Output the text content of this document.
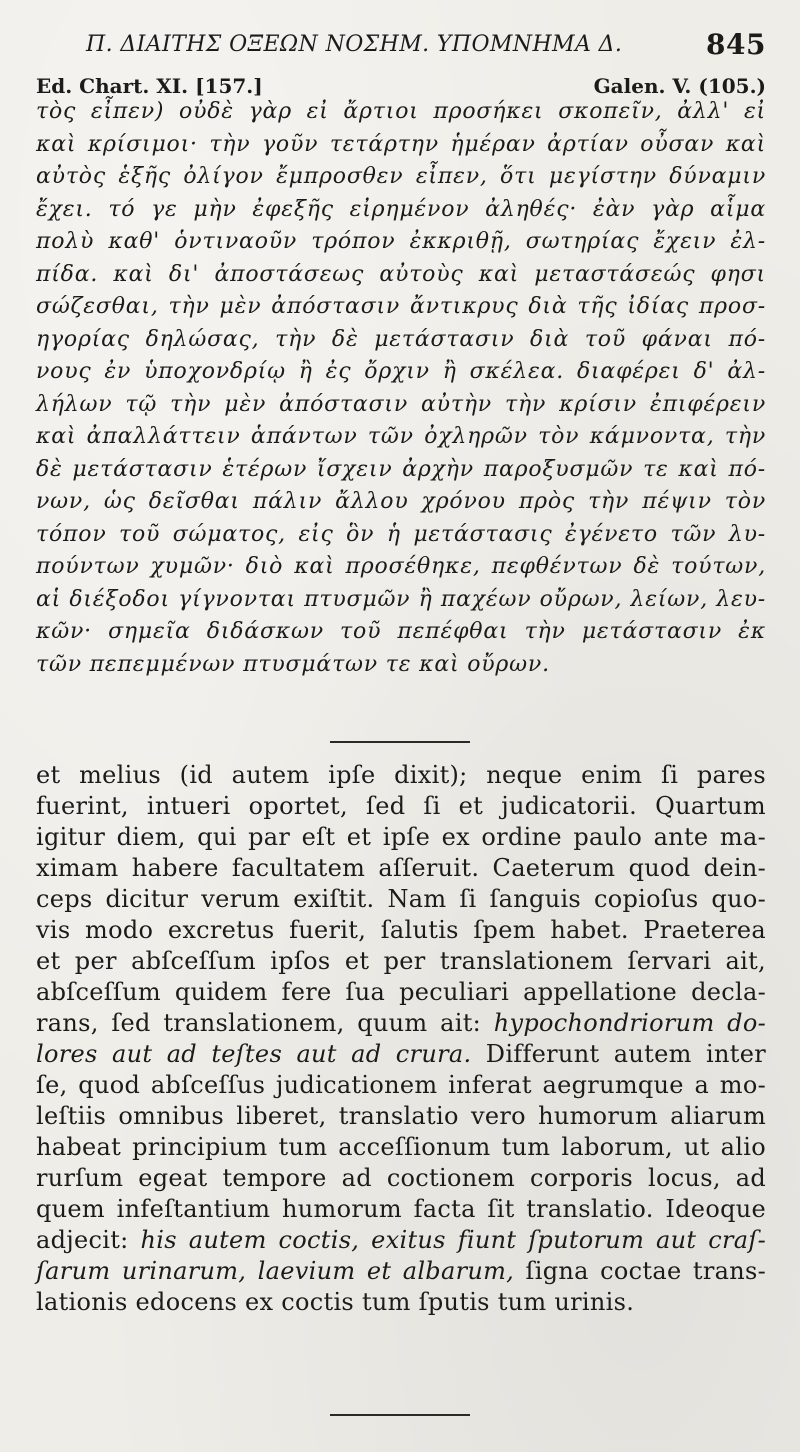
Π. ΔΙΑΙΤΗΣ ΟΞΕΩΝ ΝΟΣΗΜ. ΥΠΟΜΝΗΜΑ Δ.	845
Ed. Chart. XI. [157.]	Galen. V. (105.)
τὸς εἶπεν) οὐδὲ γὰρ εἰ ἄρτιοι προσήκει σκοπεῖν, ἀλλ' εἰ
καὶ κρίσιμοι· τὴν γοῦν τετάρτην ἡμέραν ἀρτίαν οὖσαν καὶ
αὐτὸς ἑξῆς ὀλίγον ἔμπροσθεν εἶπεν, ὅτι μεγίστην δύναμιν
ἔχει. τό γε μὴν ἐφεξῆς εἰρημένον ἀληθές· ἐὰν γὰρ αἷμα
πολὺ καθ' ὁντιναοῦν τρόπον ἐκκριθῇ, σωτηρίας ἔχειν ἐλ-
πίδα. καὶ δι' ἀποστάσεως αὐτοὺς καὶ μεταστάσεώς φησι
σώζεσθαι, τὴν μὲν ἀπόστασιν ἄντικρυς διὰ τῆς ἰδίας προσ-
ηγορίας δηλώσας, τὴν δὲ μετάστασιν διὰ τοῦ φάναι πό-
νους ἐν ὑποχονδρίῳ ἢ ἐς ὄρχιν ἢ σκέλεα. διαφέρει δ' ἀλ-
λήλων τῷ τὴν μὲν ἀπόστασιν αὐτὴν τὴν κρίσιν ἐπιφέρειν
καὶ ἀπαλλάττειν ἁπάντων τῶν ὀχληρῶν τὸν κάμνοντα, τὴν
δὲ μετάστασιν ἑτέρων ἴσχειν ἀρχὴν παροξυσμῶν τε καὶ πό-
νων, ὡς δεῖσθαι πάλιν ἄλλου χρόνου πρὸς τὴν πέψιν τὸν
τόπον τοῦ σώματος, εἰς ὃν ἡ μετάστασις ἐγένετο τῶν λυ-
πούντων χυμῶν· διὸ καὶ προσέθηκε, πεφθέντων δὲ τούτων,
αἱ διέξοδοι γίγνονται πτυσμῶν ἢ παχέων οὔρων, λείων, λευ-
κῶν· σημεῖα διδάσκων τοῦ πεπέφθαι τὴν μετάστασιν ἐκ
τῶν πεπεμμένων πτυσμάτων τε καὶ οὔρων.
et melius (id autem ipſe dixit); neque enim ſi pares
fuerint, intueri oportet, ſed ſi et judicatorii. Quartum
igitur diem, qui par eſt et ipſe ex ordine paulo ante ma-
ximam habere facultatem aſſeruit. Caeterum quod dein-
ceps dicitur verum exiſtit. Nam ſi ſanguis copioſus quo-
vis modo excretus fuerit, ſalutis ſpem habet. Praeterea
et per abſceſſum ipſos et per translationem ſervari ait,
abſceſſum quidem fere ſua peculiari appellatione decla-
rans, ſed translationem, quum ait: hypochondriorum do-
lores aut ad teſtes aut ad crura. Differunt autem inter
ſe, quod abſceſſus judicationem inferat aegrumque a mo-
leſtiis omnibus liberet, translatio vero humorum aliarum
habeat principium tum acceſſionum tum laborum, ut alio
rurſum egeat tempore ad coctionem corporis locus, ad
quem infeſtantium humorum facta ſit translatio. Ideoque
adjecit: his autem coctis, exitus fiunt ſputorum aut craſ-
ſarum urinarum, laevium et albarum, ſigna coctae trans-
lationis edocens ex coctis tum ſputis tum urinis.
